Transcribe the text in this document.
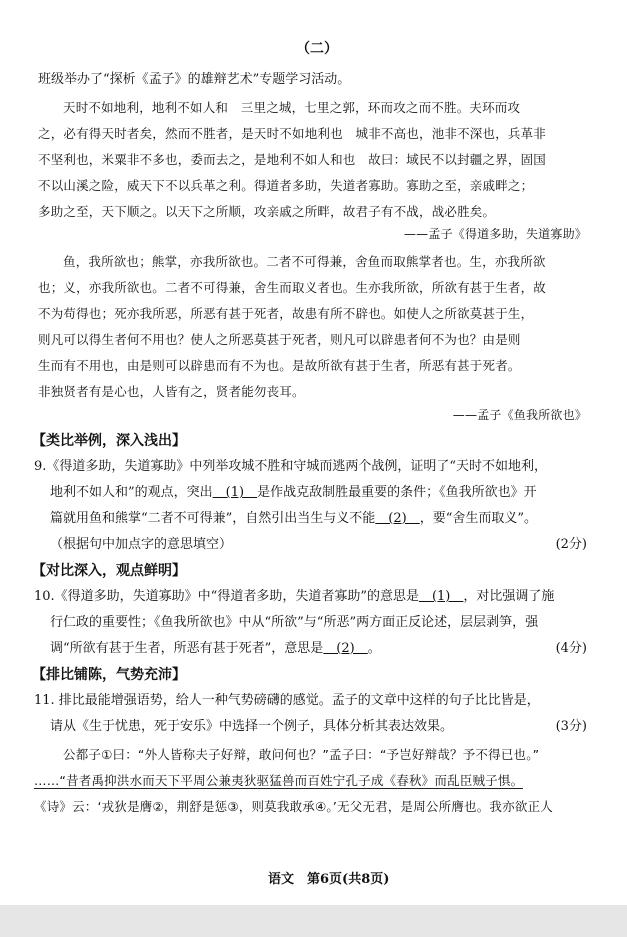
（二）
班级举办了“探析《孟子》的雄辩艺术”专题学习活动。
天时不如地利，地利不如人和　三里之城，七里之郭，环而攻之而不胜。夫环而攻
之，必有得天时者矣，然而不胜者，是天时不如地利也　城非不高也，池非不深也，兵革非
不坚利也，米粟非不多也，委而去之，是地利不如人和也　故曰：域民不以封疆之界，固国
不以山溪之险，威天下不以兵革之利。得道者多助，失道者寡助。寡助之至，亲戚畔之；
多助之至，天下顺之。以天下之所顺，攻亲戚之所畔，故君子有不战，战必胜矣。
——孟子《得道多助，失道寡助》
鱼，我所欲也；熊掌，亦我所欲也。二者不可得兼，舍鱼而取熊掌者也。生，亦我所欲
也；义，亦我所欲也。二者不可得兼，舍生而取义者也。生亦我所欲，所欲有甚于生者，故
不为苟得也；死亦我所恶，所恶有甚于死者，故患有所不辟也。如使人之所欲莫甚于生，
则凡可以得生者何不用也？使人之所恶莫甚于死者，则凡可以辟患者何不为也？由是则
生而有不用也，由是则可以辟患而有不为也。是故所欲有甚于生者，所恶有甚于死者。
非独贤者有是心也，人皆有之，贤者能勿丧耳。
——孟子《鱼我所欲也》
【类比举例，深入浅出】
9.《得道多助，失道寡助》中列举攻城不胜和守城而逃两个战例，证明了“天时不如地利，
地利不如人和”的观点，突出　(1)　是作战克敌制胜最重要的条件；《鱼我所欲也》开
篇就用鱼和熊掌“二者不可得兼”，自然引出当生与义不能　(2)　，要“舍生而取义”。
（根据句中加点字的意思填空）	(2分)
【对比深入，观点鲜明】
10.《得道多助，失道寡助》中“得道者多助，失道者寡助”的意思是　(1)　，对比强调了施
行仁政的重要性；《鱼我所欲也》中从“所欲”与“所恶”两方面正反论述，层层剥笋，强
调“所欲有甚于生者，所恶有甚于死者”，意思是　(2)　。	(4分)
【排比铺陈，气势充沛】
11. 排比最能增强语势，给人一种气势磅礴的感觉。孟子的文章中这样的句子比比皆是，
请从《生于忧患，死于安乐》中选择一个例子，具体分析其表达效果。	(3分)
公都子①曰：“外人皆称夫子好辩，敢问何也？”孟子曰：“予岂好辩哉？予不得已也。”
……“昔者禹抑洪水而天下平周公兼夷狄驱猛兽而百姓宁孔子成《春秋》而乱臣贼子惧。
《诗》云：‘戎狄是膺②，荆舒是惩③，则莫我敢承④。’无父无君，是周公所膺也。我亦欲正人
语文　第6页(共8页)
